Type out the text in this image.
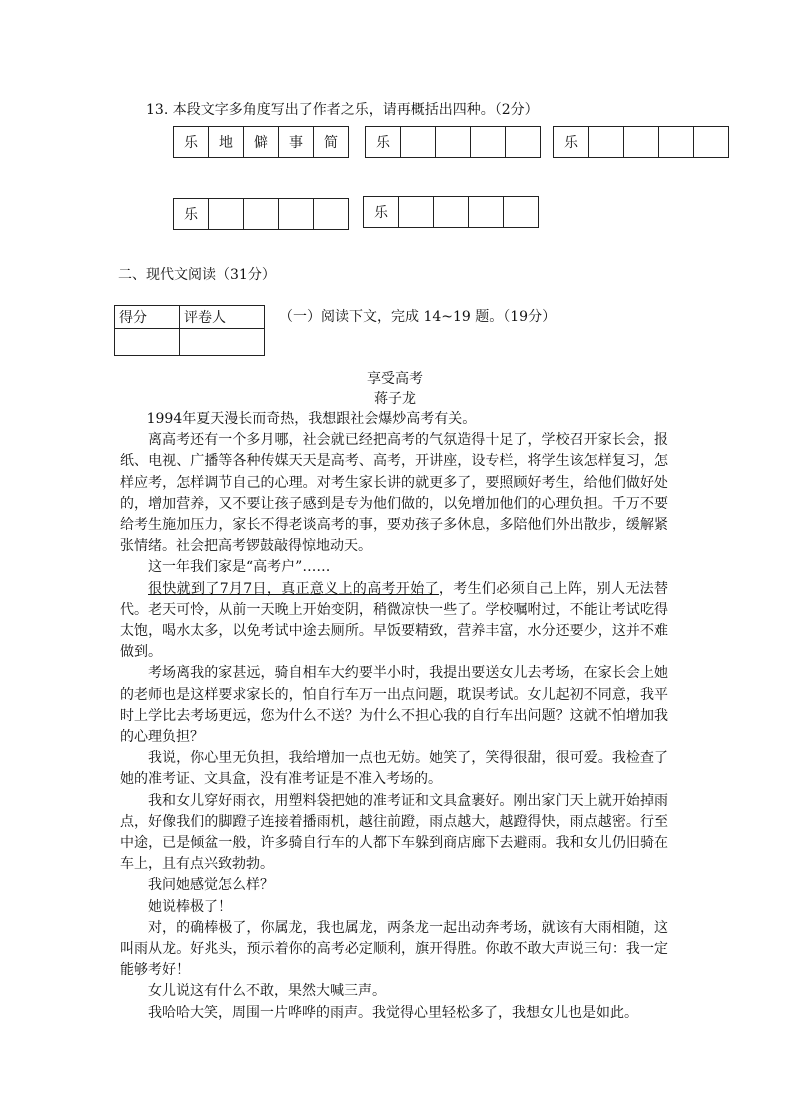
13. 本段文字多角度写出了作者之乐，请再概括出四种。（2分）
乐	地	僻	事	简	乐	乐
乐	乐
二、现代文阅读（31分）
得分	评卷人
		（一）阅读下文，完成 14~19 题。（19分）
享受高考
蒋子龙

1994年夏天漫长而奇热，我想跟社会爆炒高考有关。

离高考还有一个多月哪，社会就已经把高考的气氛造得十足了，学校召开家长会，报纸、电视、广播等各种传媒天天是高考、高考，开讲座，设专栏，将学生该怎样复习，怎样应考，怎样调节自己的心理。对考生家长讲的就更多了，要照顾好考生，给他们做好处的，增加营养，又不要让孩子感到是专为他们做的，以免增加他们的心理负担。千万不要给考生施加压力，家长不得老谈高考的事，要劝孩子多休息，多陪他们外出散步，缓解紧张情绪。社会把高考锣鼓敲得惊地动天。

这一年我们家是“高考户”……

很快就到了7月7日，真正意义上的高考开始了，考生们必须自己上阵，别人无法替代。老天可怜，从前一天晚上开始变阴，稍微凉快一些了。学校嘱咐过，不能让考试吃得太饱，喝水太多，以免考试中途去厕所。早饭要精致，营养丰富，水分还要少，这并不难做到。

考场离我的家甚远，骑自相车大约要半小时，我提出要送女儿去考场，在家长会上她的老师也是这样要求家长的，怕自行车万一出点问题，耽误考试。女儿起初不同意，我平时上学比去考场更远，您为什么不送？为什么不担心我的自行车出问题？这就不怕增加我的心理负担？

我说，你心里无负担，我给增加一点也无妨。她笑了，笑得很甜，很可爱。我检查了她的准考证、文具盒，没有准考证是不准入考场的。

我和女儿穿好雨衣，用塑料袋把她的准考证和文具盒裹好。刚出家门天上就开始掉雨点，好像我们的脚蹬子连接着播雨机，越往前蹬，雨点越大，越蹬得快，雨点越密。行至中途，已是倾盆一般，许多骑自行车的人都下车躲到商店廊下去避雨。我和女儿仍旧骑在车上，且有点兴致勃勃。

我问她感觉怎么样？

她说棒极了！

对，的确棒极了，你属龙，我也属龙，两条龙一起出动奔考场，就该有大雨相随，这叫雨从龙。好兆头，预示着你的高考必定顺利，旗开得胜。你敢不敢大声说三句：我一定能够考好！

女儿说这有什么不敢，果然大喊三声。

我哈哈大笑，周围一片哗哗的雨声。我觉得心里轻松多了，我想女儿也是如此。
